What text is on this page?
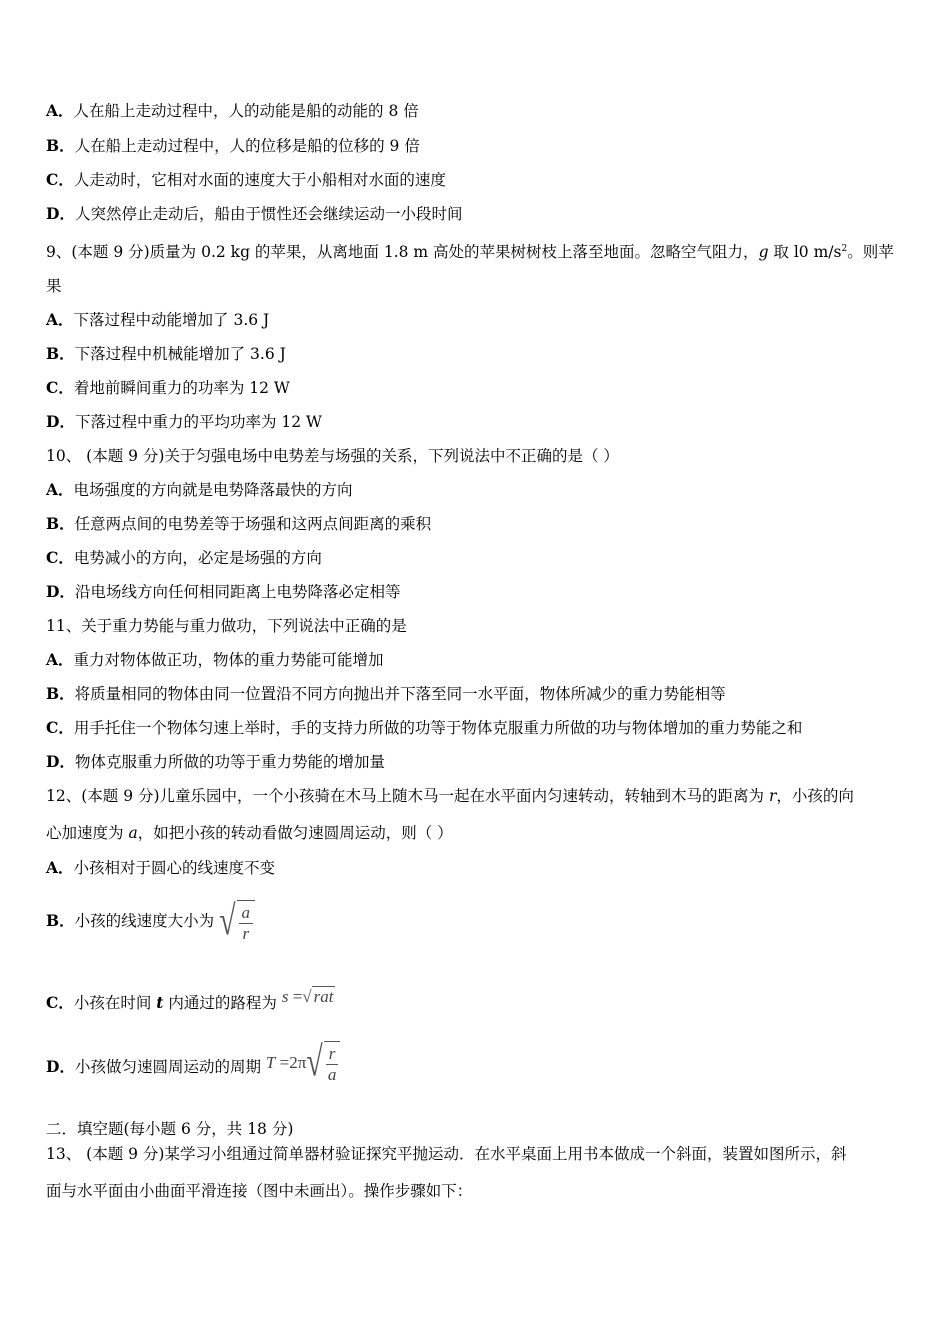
A．人在船上走动过程中，人的动能是船的动能的 8 倍
B．人在船上走动过程中，人的位移是船的位移的 9 倍
C．人走动时，它相对水面的速度大于小船相对水面的速度
D．人突然停止走动后，船由于惯性还会继续运动一小段时间
9、(本题 9 分)质量为 0.2 kg 的苹果，从离地面 1.8 m 高处的苹果树树枝上落至地面。忽略空气阻力，g 取 l0 $m/s^2$。则苹
果
A．下落过程中动能增加了 3.6 J
B．下落过程中机械能增加了 3.6 J
C．着地前瞬间重力的功率为 12 W
D．下落过程中重力的平均功率为 12 W
10、 (本题 9 分)关于匀强电场中电势差与场强的关系，下列说法中不正确的是（ ）
A．电场强度的方向就是电势降落最快的方向
B．任意两点间的电势差等于场强和这两点间距离的乘积
C．电势减小的方向，必定是场强的方向
D．沿电场线方向任何相同距离上电势降落必定相等
11、关于重力势能与重力做功，下列说法中正确的是
A．重力对物体做正功，物体的重力势能可能增加
B．将质量相同的物体由同一位置沿不同方向抛出并下落至同一水平面，物体所减少的重力势能相等
C．用手托住一个物体匀速上举时，手的支持力所做的功等于物体克服重力所做的功与物体增加的重力势能之和
D．物体克服重力所做的功等于重力势能的增加量
12、(本题 9 分)儿童乐园中，一个小孩骑在木马上随木马一起在水平面内匀速转动，转轴到木马的距离为 r，小孩的向
心加速度为 a，如把小孩的转动看做匀速圆周运动，则（ ）
A．小孩相对于圆心的线速度不变
B．小孩的线速度大小为 √ $\frac{a}{r}$
C．小孩在时间 t 内通过的路程为 s =√ rat
D．小孩做匀速圆周运动的周期 T
=2π √ $\frac{r}{a}$
二．填空题(每小题 6 分，共 18 分)
13、 (本题 9 分)某学习小组通过简单器材验证探究平抛运动．在水平桌面上用书本做成一个斜面，装置如图所示，斜
面与水平面由小曲面平滑连接（图中未画出）。操作步骤如下：
